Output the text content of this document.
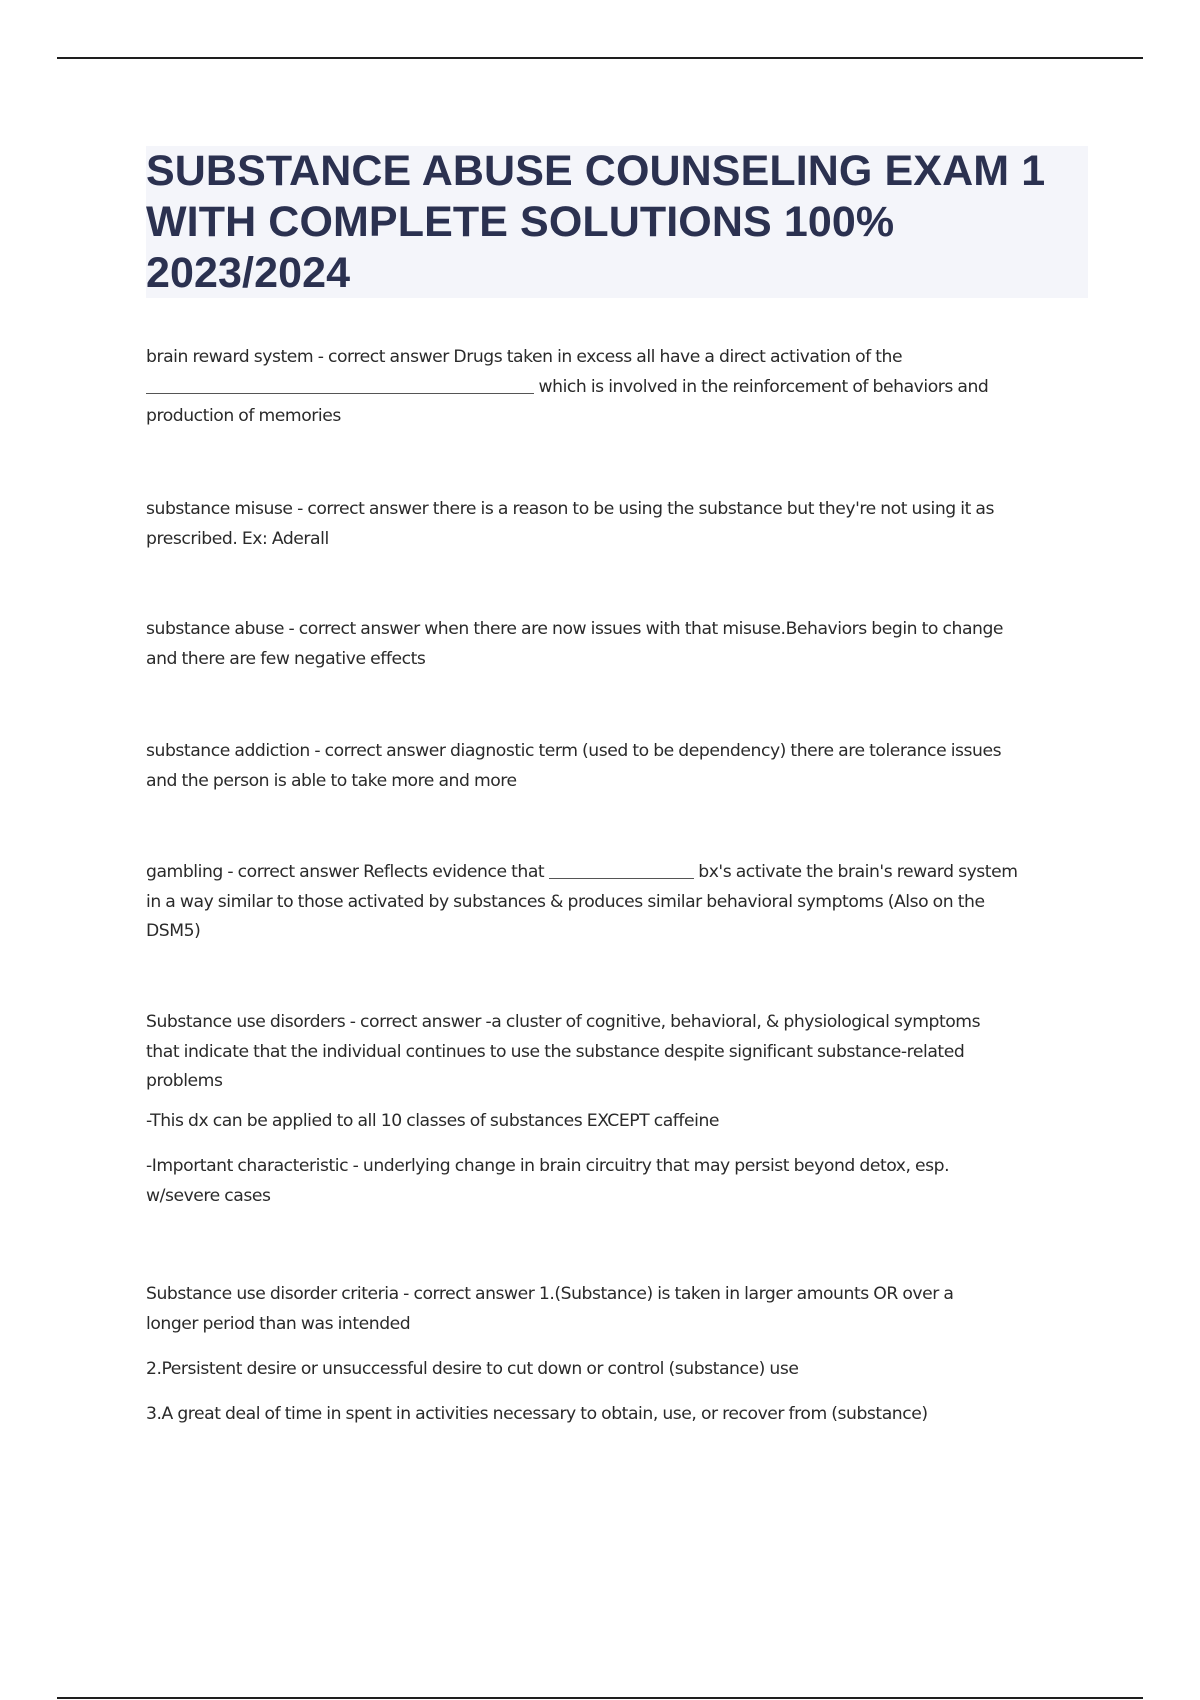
SUBSTANCE ABUSE COUNSELING EXAM 1
WITH COMPLETE SOLUTIONS 100%
2023/2024
brain reward system - correct answer Drugs taken in excess all have a direct activation of the
which is involved in the reinforcement of behaviors and
production of memories
substance misuse - correct answer there is a reason to be using the substance but they're not using it as
prescribed. Ex: Aderall
substance abuse - correct answer when there are now issues with that misuse.Behaviors begin to change
and there are few negative effects
substance addiction - correct answer diagnostic term (used to be dependency) there are tolerance issues
and the person is able to take more and more
gambling - correct answer Reflects evidence that	bx's activate the brain's reward system
in a way similar to those activated by substances & produces similar behavioral symptoms (Also on the
DSM5)
Substance use disorders - correct answer -a cluster of cognitive, behavioral, & physiological symptoms
that indicate that the individual continues to use the substance despite significant substance-related
problems
-This dx can be applied to all 10 classes of substances EXCEPT caffeine
-Important characteristic - underlying change in brain circuitry that may persist beyond detox, esp.
w/severe cases
Substance use disorder criteria - correct answer 1.(Substance) is taken in larger amounts OR over a
longer period than was intended
2.Persistent desire or unsuccessful desire to cut down or control (substance) use
3.A great deal of time in spent in activities necessary to obtain, use, or recover from (substance)
